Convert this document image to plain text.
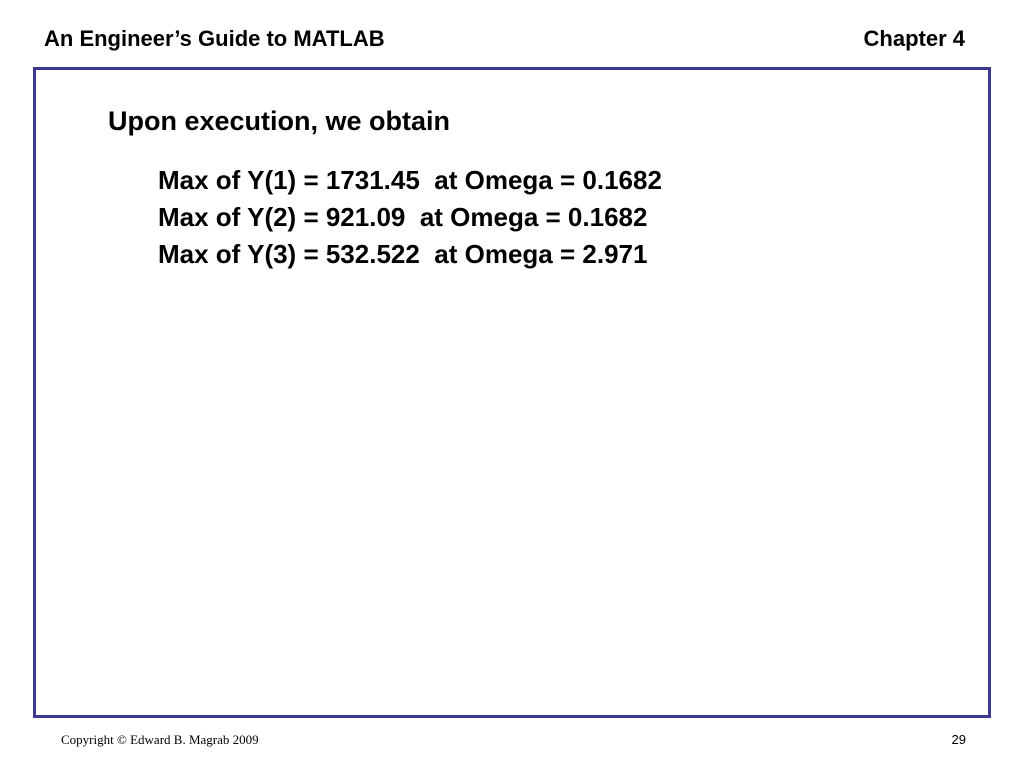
An Engineer’s Guide to MATLAB	Chapter 4
Upon execution, we obtain
Max of Y(1) = 1731.45  at Omega = 0.1682
Max of Y(2) = 921.09  at Omega = 0.1682
Max of Y(3) = 532.522  at Omega = 2.971
Copyright © Edward B. Magrab 2009	29
